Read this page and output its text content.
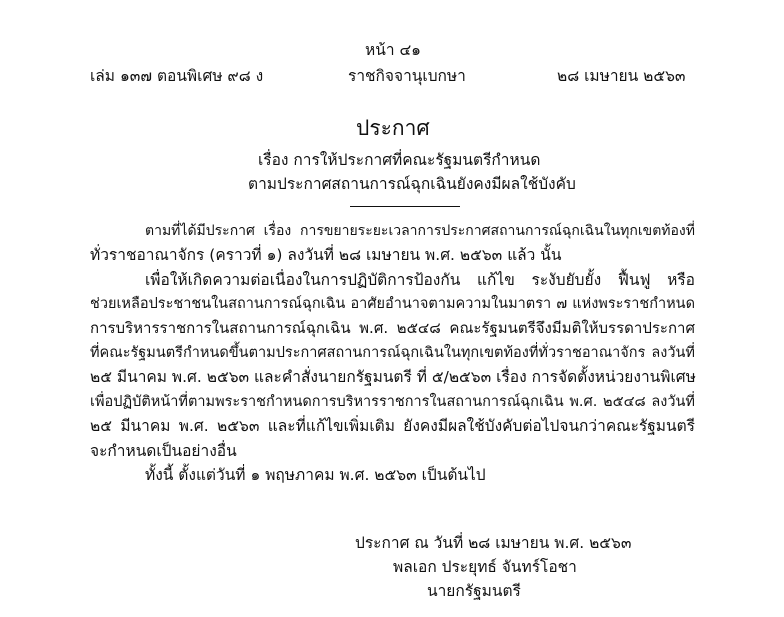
หน้า ๔๑
เล่ม ๑๓๗ ตอนพิเศษ ๙๘ ง	ราชกิจจานุเบกษา	๒๘ เมษายน ๒๕๖๓
ประกาศ
เรื่อง การให้ประกาศที่คณะรัฐมนตรีกำหนด
ตามประกาศสถานการณ์ฉุกเฉินยังคงมีผลใช้บังคับ
ตามที่ได้มีประกาศ เรื่อง การขยายระยะเวลาการประกาศสถานการณ์ฉุกเฉินในทุกเขตท้องที่
ทั่วราชอาณาจักร (คราวที่ ๑) ลงวันที่ ๒๘ เมษายน พ.ศ. ๒๕๖๓ แล้ว นั้น
เพื่อให้เกิดความต่อเนื่องในการปฏิบัติการป้องกัน แก้ไข ระงับยับยั้ง ฟื้นฟู หรือ
ช่วยเหลือประชาชนในสถานการณ์ฉุกเฉิน อาศัยอำนาจตามความในมาตรา ๗ แห่งพระราชกำหนด
การบริหารราชการในสถานการณ์ฉุกเฉิน พ.ศ. ๒๕๔๘ คณะรัฐมนตรีจึงมีมติให้บรรดาประกาศ
ที่คณะรัฐมนตรีกำหนดขึ้นตามประกาศสถานการณ์ฉุกเฉินในทุกเขตท้องที่ทั่วราชอาณาจักร ลงวันที่
๒๕ มีนาคม พ.ศ. ๒๕๖๓ และคำสั่งนายกรัฐมนตรี ที่ ๕/๒๕๖๓ เรื่อง การจัดตั้งหน่วยงานพิเศษ
เพื่อปฏิบัติหน้าที่ตามพระราชกำหนดการบริหารราชการในสถานการณ์ฉุกเฉิน พ.ศ. ๒๕๔๘ ลงวันที่
๒๕ มีนาคม พ.ศ. ๒๕๖๓ และที่แก้ไขเพิ่มเติม ยังคงมีผลใช้บังคับต่อไปจนกว่าคณะรัฐมนตรี
จะกำหนดเป็นอย่างอื่น
ทั้งนี้ ตั้งแต่วันที่ ๑ พฤษภาคม พ.ศ. ๒๕๖๓ เป็นต้นไป
ประกาศ ณ วันที่ ๒๘ เมษายน พ.ศ. ๒๕๖๓
พลเอก ประยุทธ์ จันทร์โอชา
นายกรัฐมนตรี
